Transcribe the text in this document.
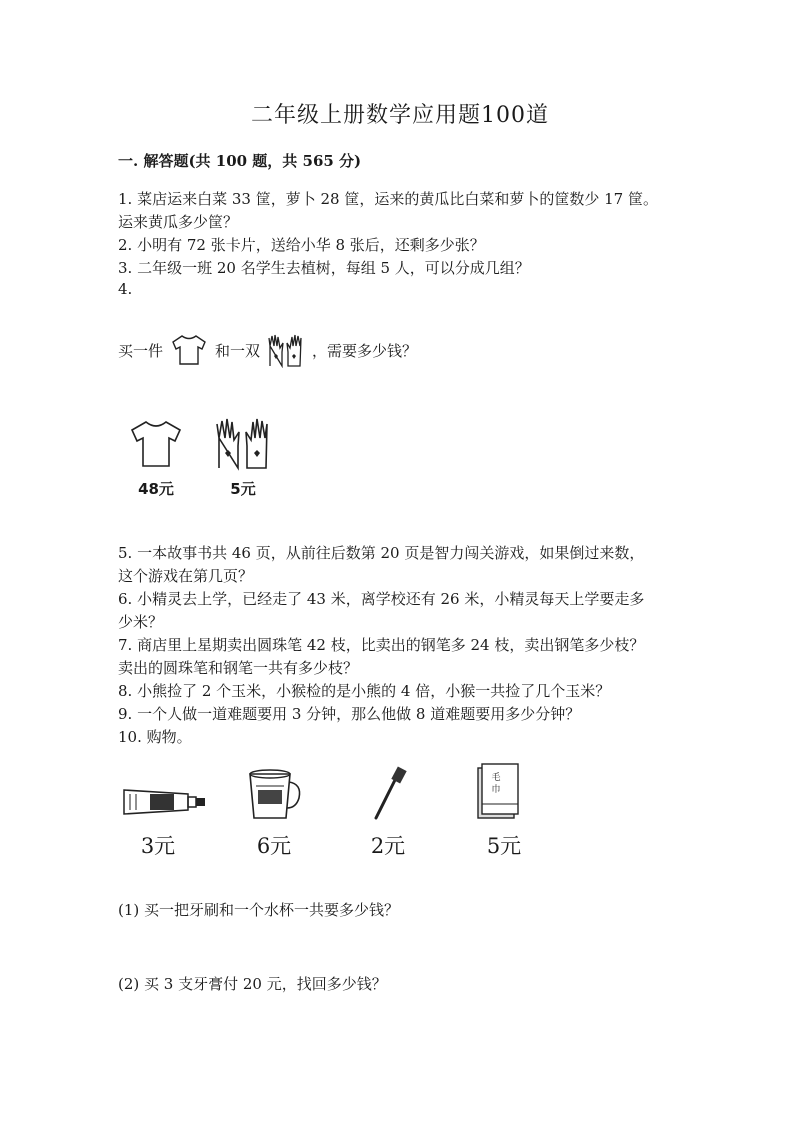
二年级上册数学应用题100道
一. 解答题(共 100 题，共 565 分)
1. 菜店运来白菜 33 筐，萝卜 28 筐，运来的黄瓜比白菜和萝卜的筐数少 17 筐。
运来黄瓜多少筐？
2. 小明有 72 张卡片，送给小华 8 张后，还剩多少张？
3. 二年级一班 20 名学生去植树，每组 5 人，可以分成几组？
4.
买一件	和一双	，需要多少钱？
48元	5元
5. 一本故事书共 46 页，从前往后数第 20 页是智力闯关游戏，如果倒过来数，
这个游戏在第几页？
6. 小精灵去上学，已经走了 43 米，离学校还有 26 米，小精灵每天上学要走多
少米？
7. 商店里上星期卖出圆珠笔 42 枝，比卖出的钢笔多 24 枝，卖出钢笔多少枝？
卖出的圆珠笔和钢笔一共有多少枝？
8. 小熊捡了 2 个玉米，小猴检的是小熊的 4 倍，小猴一共捡了几个玉米？
9. 一个人做一道难题要用 3 分钟，那么他做 8 道难题要用多少分钟？
10. 购物。
毛巾
3元	6元	2元	5元
(1) 买一把牙刷和一个水杯一共要多少钱？
(2) 买 3 支牙膏付 20 元，找回多少钱？
